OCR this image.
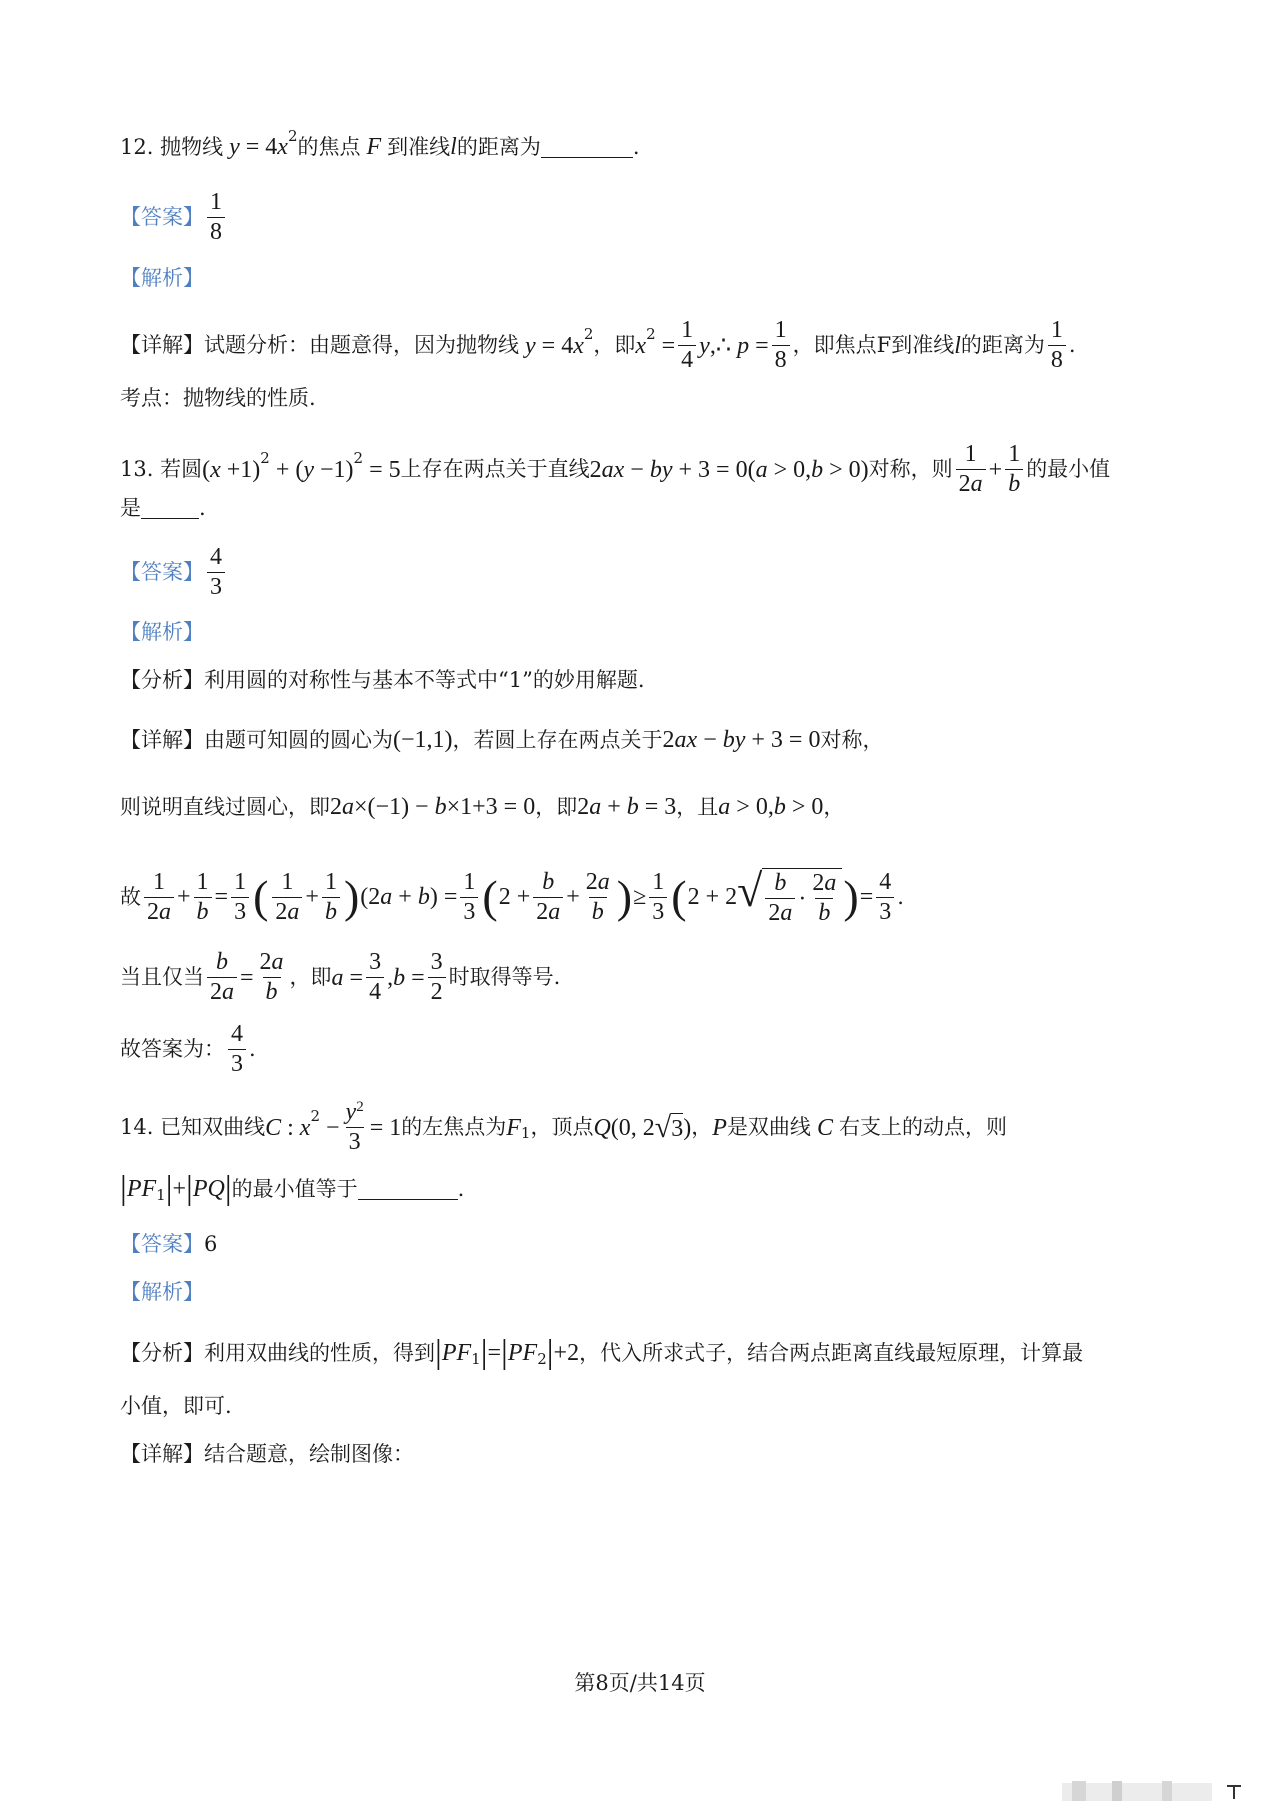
12.
抛物线 y = 4 x 2 的焦点 F 到准线 l 的距离为	.
【答案】 $\frac{1}{8}$
【解析】
【详解】 试题分析：由题意得，因为抛物线 y = 4 x 2 ，即 x $2 = \frac{1}{4}$ y ,∴ $p = \frac{1}{8}$ ， 即焦点F到准线 l 的距离为 $\frac{1}{8}$ .
考点：抛物线的性质.
13.
若圆 ( x +1) 2 + ( y −1) 2 = 5 上存在两点关于直线 2 ax − by + 3 = 0( a > 0, b > 0) 对称，则 $\frac{1}{2a} + \frac{1}{b}$ 的最小值
是	.
【答案】 $\frac{4}{3}$
【解析】
【分析】 利用圆的对称性与基本不等式中“1”的妙用解题.
【详解】 由题可知圆的圆心为 (−1,1) ，若圆上存在两点关于 2 ax − by + 3 = 0 对称，
则说明直线过圆心，即 2 a ×(−1) − b ×1+3 = 0 ，即 2 a + b = 3 ，且 a > 0, b > 0 ，
故 $\frac{1}{2a} + \frac{1}{b} = \frac{1}{3}$ ( $\frac{1}{2a} + \frac{1}{b}$ ) (2 a + b ) = $\frac{1}{3}$ ( $2 + \frac{b}{2a} + \frac{2a}{b}$ ) ≥ $\frac{1}{3}$ ( 2 + 2 √ $\frac{b}{2a} \cdot \frac{2a}{b}$ ) = $\frac{4}{3}$ .
当且仅当 $\frac{b}{2a} = \frac{2a}{b}$ ，即 $a = \frac{3}{4}$ , $b = \frac{3}{2}$ 时取得等号.
故答案为： $\frac{4}{3}$ .
14.
已知双曲线 C : x $2 - \frac{y^2}{3} = 1$ 的左焦点为 F 1 ，顶点 Q (0, 2 √ 3 ) ， P 是双曲线 C 右支上的动点，则
| PF 1 | + | PQ | 的最小值等于	.
【答案】 6
【解析】
【分析】 利用双曲线的性质，得到 | PF 1 | = | PF 2 | +2 ，代入所求式子，结合两点距离直线最短原理，计算最
小值，即可.
【详解】 结合题意，绘制图像：
第8页/共14页
